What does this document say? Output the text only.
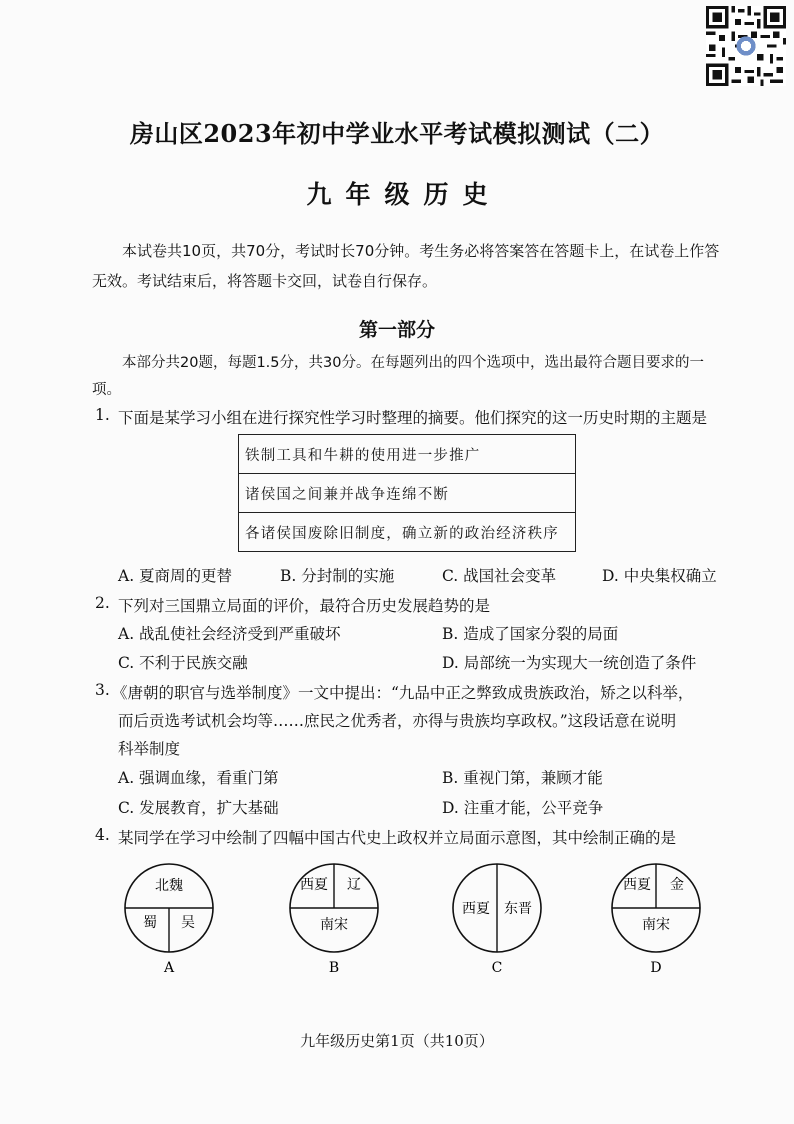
房山区2023年初中学业水平考试模拟测试（二）
九年级历史
本试卷共10页，共70分，考试时长70分钟。考生务必将答案答在答题卡上，在试卷上作答无效。考试结束后，将答题卡交回，试卷自行保存。
第一部分
本部分共20题，每题1.5分，共30分。在每题列出的四个选项中，选出最符合题目要求的一项。
1. 下面是某学习小组在进行探究性学习时整理的摘要。他们探究的这一历史时期的主题是
铁制工具和牛耕的使用进一步推广
诸侯国之间兼并战争连绵不断
各诸侯国废除旧制度，确立新的政治经济秩序
A. 夏商周的更替	B. 分封制的实施	C. 战国社会变革	D. 中央集权确立
2. 下列对三国鼎立局面的评价，最符合历史发展趋势的是
A. 战乱使社会经济受到严重破坏	B. 造成了国家分裂的局面
C. 不利于民族交融	D. 局部统一为实现大一统创造了条件
3. 《唐朝的职官与选举制度》一文中提出：“九品中正之弊致成贵族政治，矫之以科举，
而后贡选考试机会均等……庶民之优秀者，亦得与贵族均享政权。”这段话意在说明
科举制度
A. 强调血缘，看重门第	B. 重视门第，兼顾才能
C. 发展教育，扩大基础	D. 注重才能，公平竞争
4. 某同学在学习中绘制了四幅中国古代史上政权并立局面示意图，其中绘制正确的是
北魏
蜀 吴
A
西夏 辽
南宋
B
西夏 东晋
C
西夏 金
南宋
D
九年级历史第1页（共10页）
